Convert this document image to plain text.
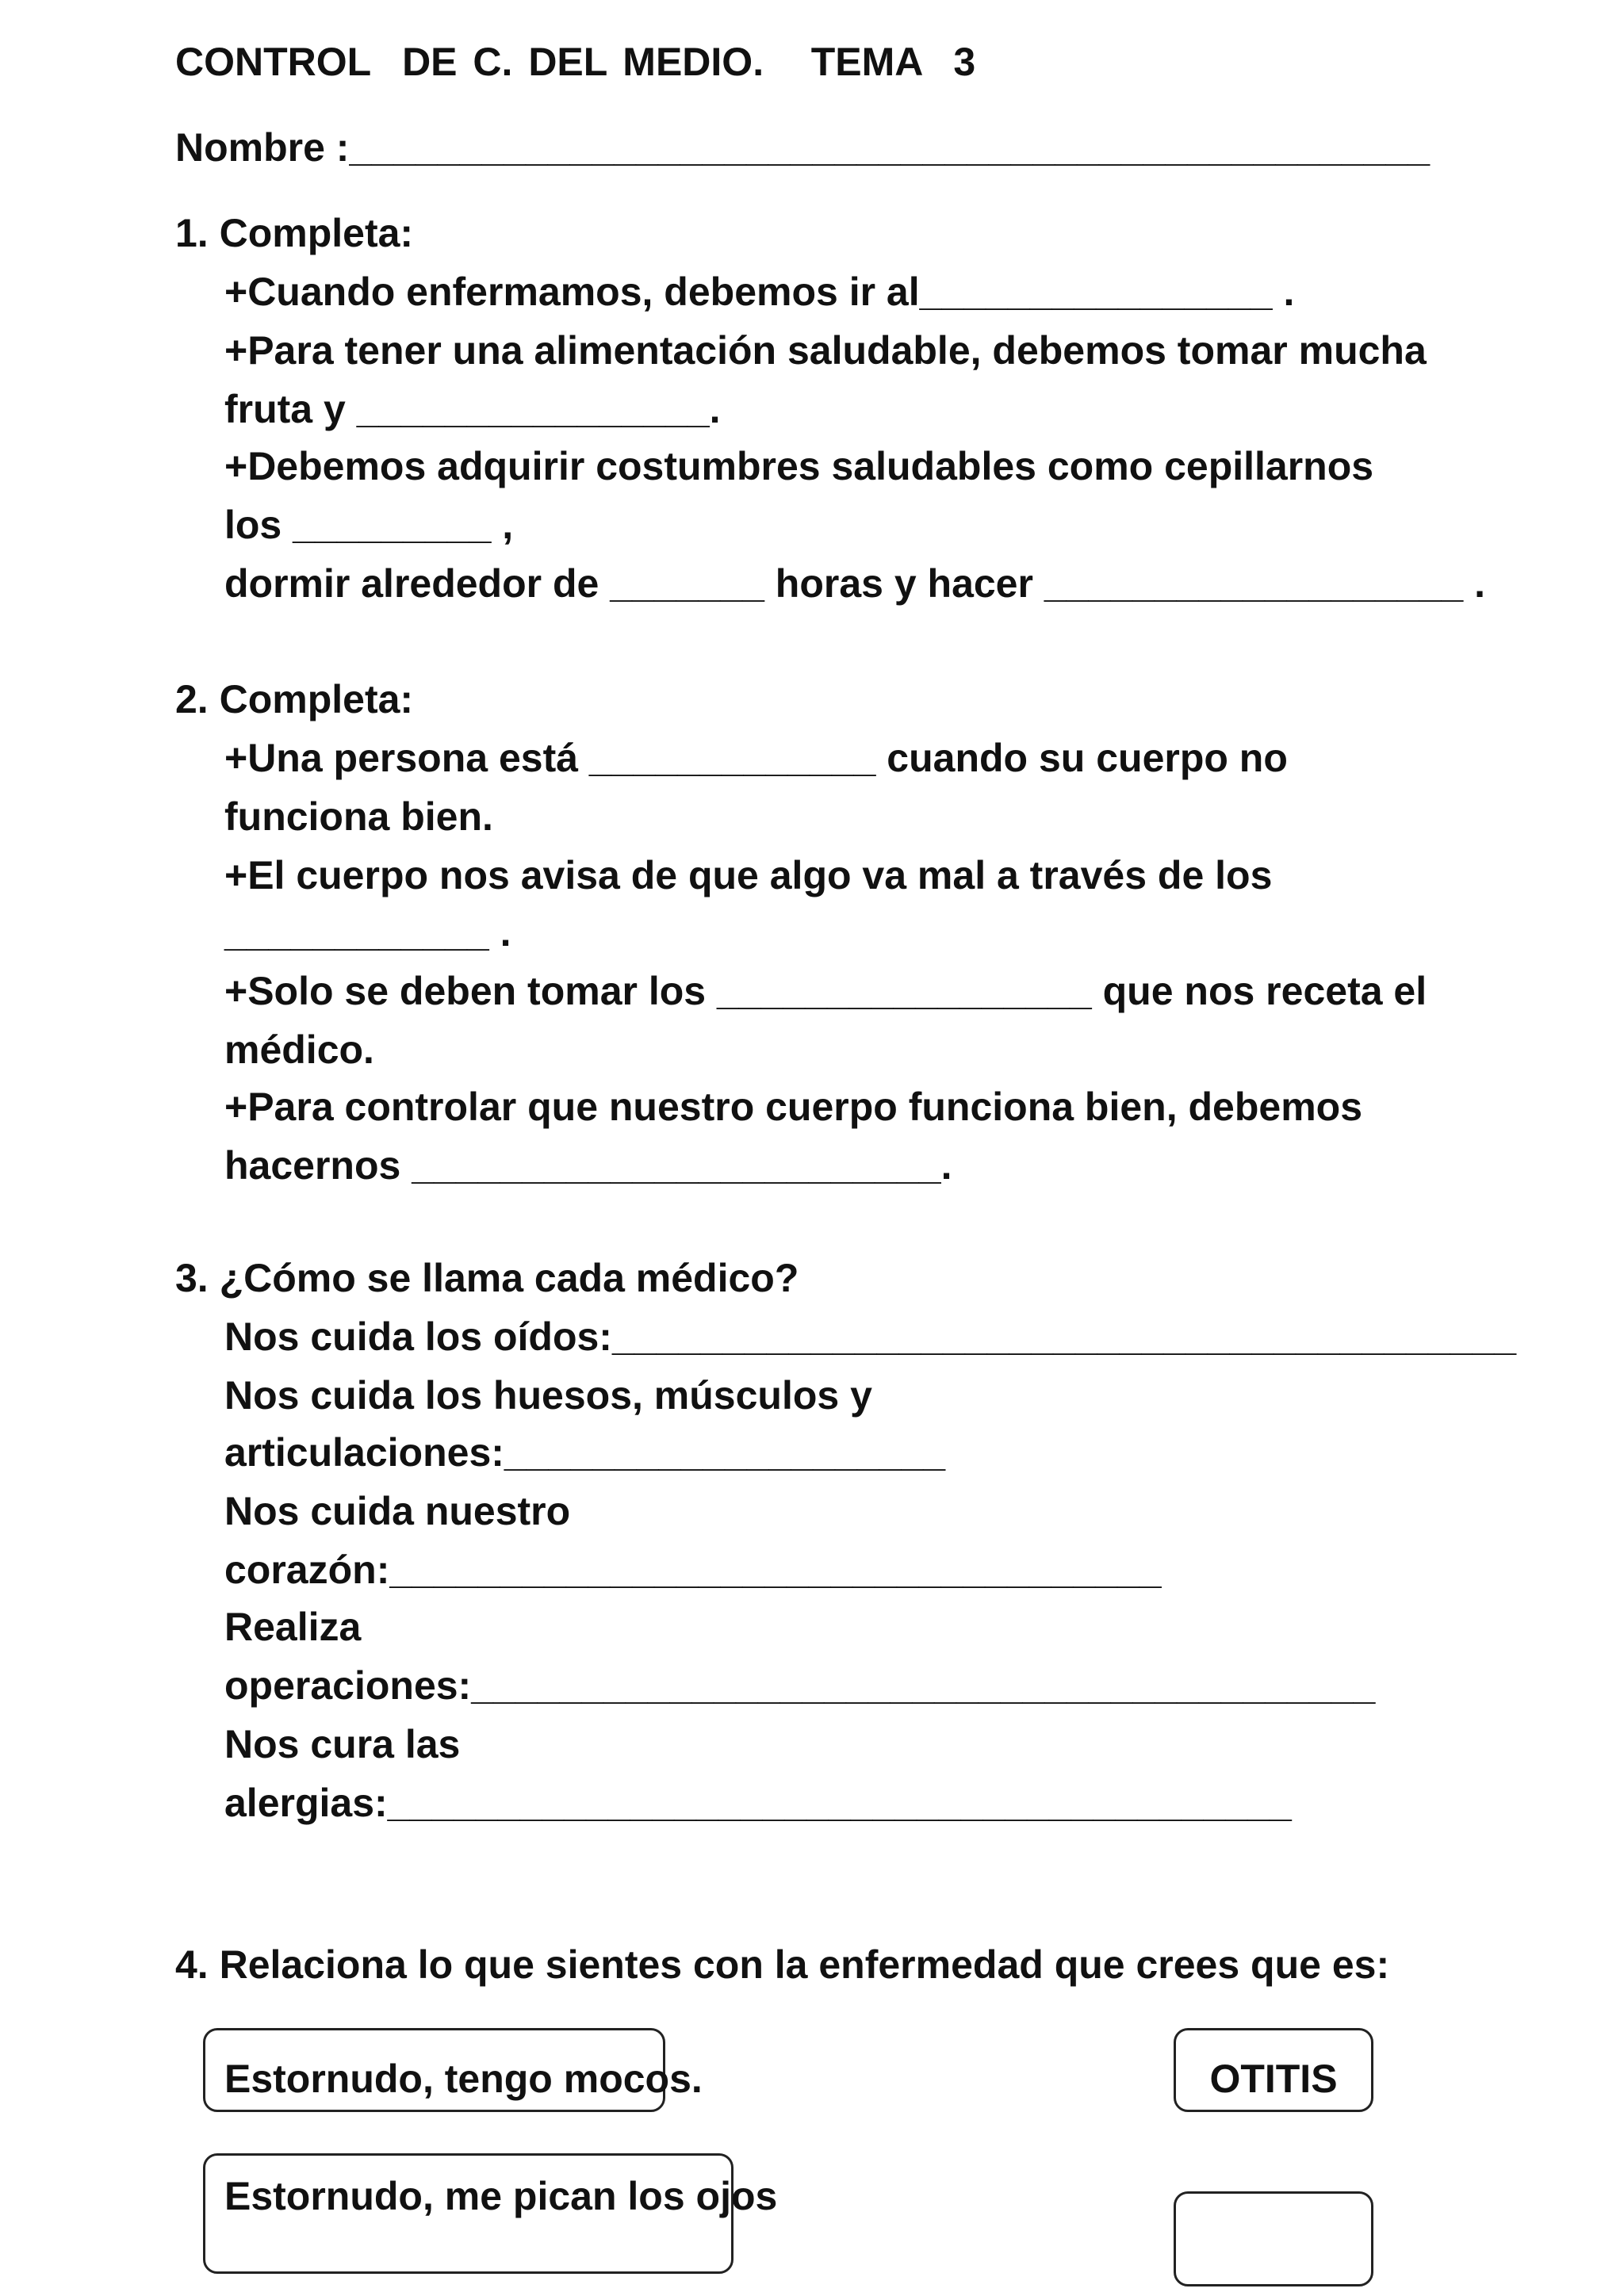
CONTROL  DE C. DEL MEDIO.   TEMA  3
Nombre :_________________________________________________
1. Completa:
+Cuando enfermamos, debemos ir al________________ .
+Para tener una alimentación saludable, debemos tomar mucha
fruta y ________________.
+Debemos adquirir costumbres saludables como cepillarnos
los _________ ,
dormir alrededor de _______ horas y hacer ___________________ .
2. Completa:
+Una persona está _____________ cuando su cuerpo no
funciona bien.
+El cuerpo nos avisa de que algo va mal a través de los
____________ .
+Solo se deben tomar los _________________ que nos receta el
médico.
+Para controlar que nuestro cuerpo funciona bien, debemos
hacernos ________________________.
3. ¿Cómo se llama cada médico?
Nos cuida los oídos:_________________________________________
Nos cuida los huesos, músculos y
articulaciones:____________________
Nos cuida nuestro
corazón:___________________________________
Realiza
operaciones:_________________________________________
Nos cura las
alergias:_________________________________________
4. Relaciona lo que sientes con la enfermedad que crees que es:
Estornudo, tengo mocos.
Estornudo, me pican los ojos
OTITIS
